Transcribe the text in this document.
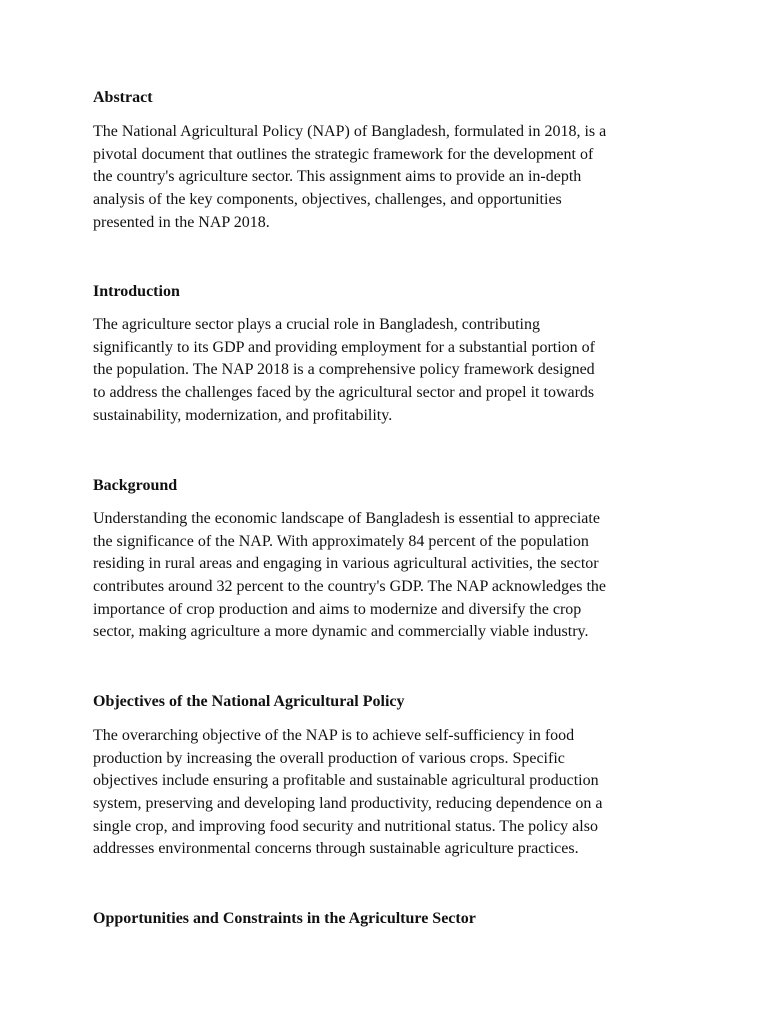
Abstract
The National Agricultural Policy (NAP) of Bangladesh, formulated in 2018, is a
pivotal document that outlines the strategic framework for the development of
the country's agriculture sector. This assignment aims to provide an in-depth
analysis of the key components, objectives, challenges, and opportunities
presented in the NAP 2018.
Introduction
The agriculture sector plays a crucial role in Bangladesh, contributing
significantly to its GDP and providing employment for a substantial portion of
the population. The NAP 2018 is a comprehensive policy framework designed
to address the challenges faced by the agricultural sector and propel it towards
sustainability, modernization, and profitability.
Background
Understanding the economic landscape of Bangladesh is essential to appreciate
the significance of the NAP. With approximately 84 percent of the population
residing in rural areas and engaging in various agricultural activities, the sector
contributes around 32 percent to the country's GDP. The NAP acknowledges the
importance of crop production and aims to modernize and diversify the crop
sector, making agriculture a more dynamic and commercially viable industry.
Objectives of the National Agricultural Policy
The overarching objective of the NAP is to achieve self-sufficiency in food
production by increasing the overall production of various crops. Specific
objectives include ensuring a profitable and sustainable agricultural production
system, preserving and developing land productivity, reducing dependence on a
single crop, and improving food security and nutritional status. The policy also
addresses environmental concerns through sustainable agriculture practices.
Opportunities and Constraints in the Agriculture Sector
